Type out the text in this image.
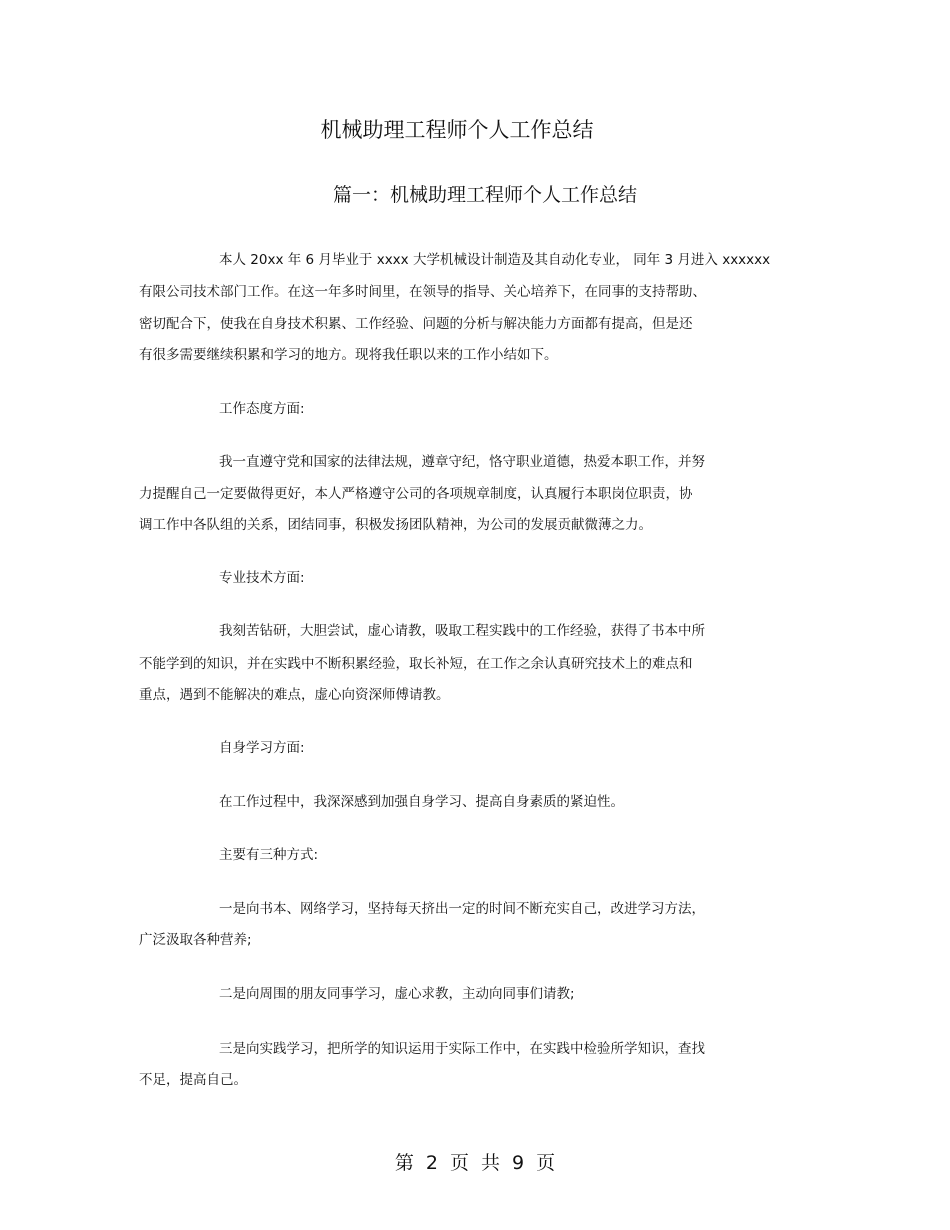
机械助理工程师个人工作总结
篇一：机械助理工程师个人工作总结
本人 20xx 年 6 月毕业于 xxxx 大学机械设计制造及其自动化专业， 同年 3 月进入 xxxxxx
有限公司技术部门工作。在这一年多时间里，在领导的指导、关心培养下，在同事的支持帮助、
密切配合下，使我在自身技术积累、工作经验、问题的分析与解决能力方面都有提高，但是还
有很多需要继续积累和学习的地方。现将我任职以来的工作小结如下。
工作态度方面:
我一直遵守党和国家的法律法规，遵章守纪，恪守职业道德，热爱本职工作，并努
力提醒自己一定要做得更好，本人严格遵守公司的各项规章制度，认真履行本职岗位职责，协
调工作中各队组的关系，团结同事，积极发扬团队精神，为公司的发展贡献微薄之力。
专业技术方面:
我刻苦钻研，大胆尝试，虚心请教，吸取工程实践中的工作经验，获得了书本中所
不能学到的知识，并在实践中不断积累经验，取长补短，在工作之余认真研究技术上的难点和
重点，遇到不能解决的难点，虚心向资深师傅请教。
自身学习方面:
在工作过程中，我深深感到加强自身学习、提高自身素质的紧迫性。
主要有三种方式:
一是向书本、网络学习，坚持每天挤出一定的时间不断充实自己，改进学习方法，
广泛汲取各种营养;
二是向周围的朋友同事学习，虚心求教，主动向同事们请教;
三是向实践学习，把所学的知识运用于实际工作中，在实践中检验所学知识，查找
不足，提高自己。
第 2 页 共 9 页
